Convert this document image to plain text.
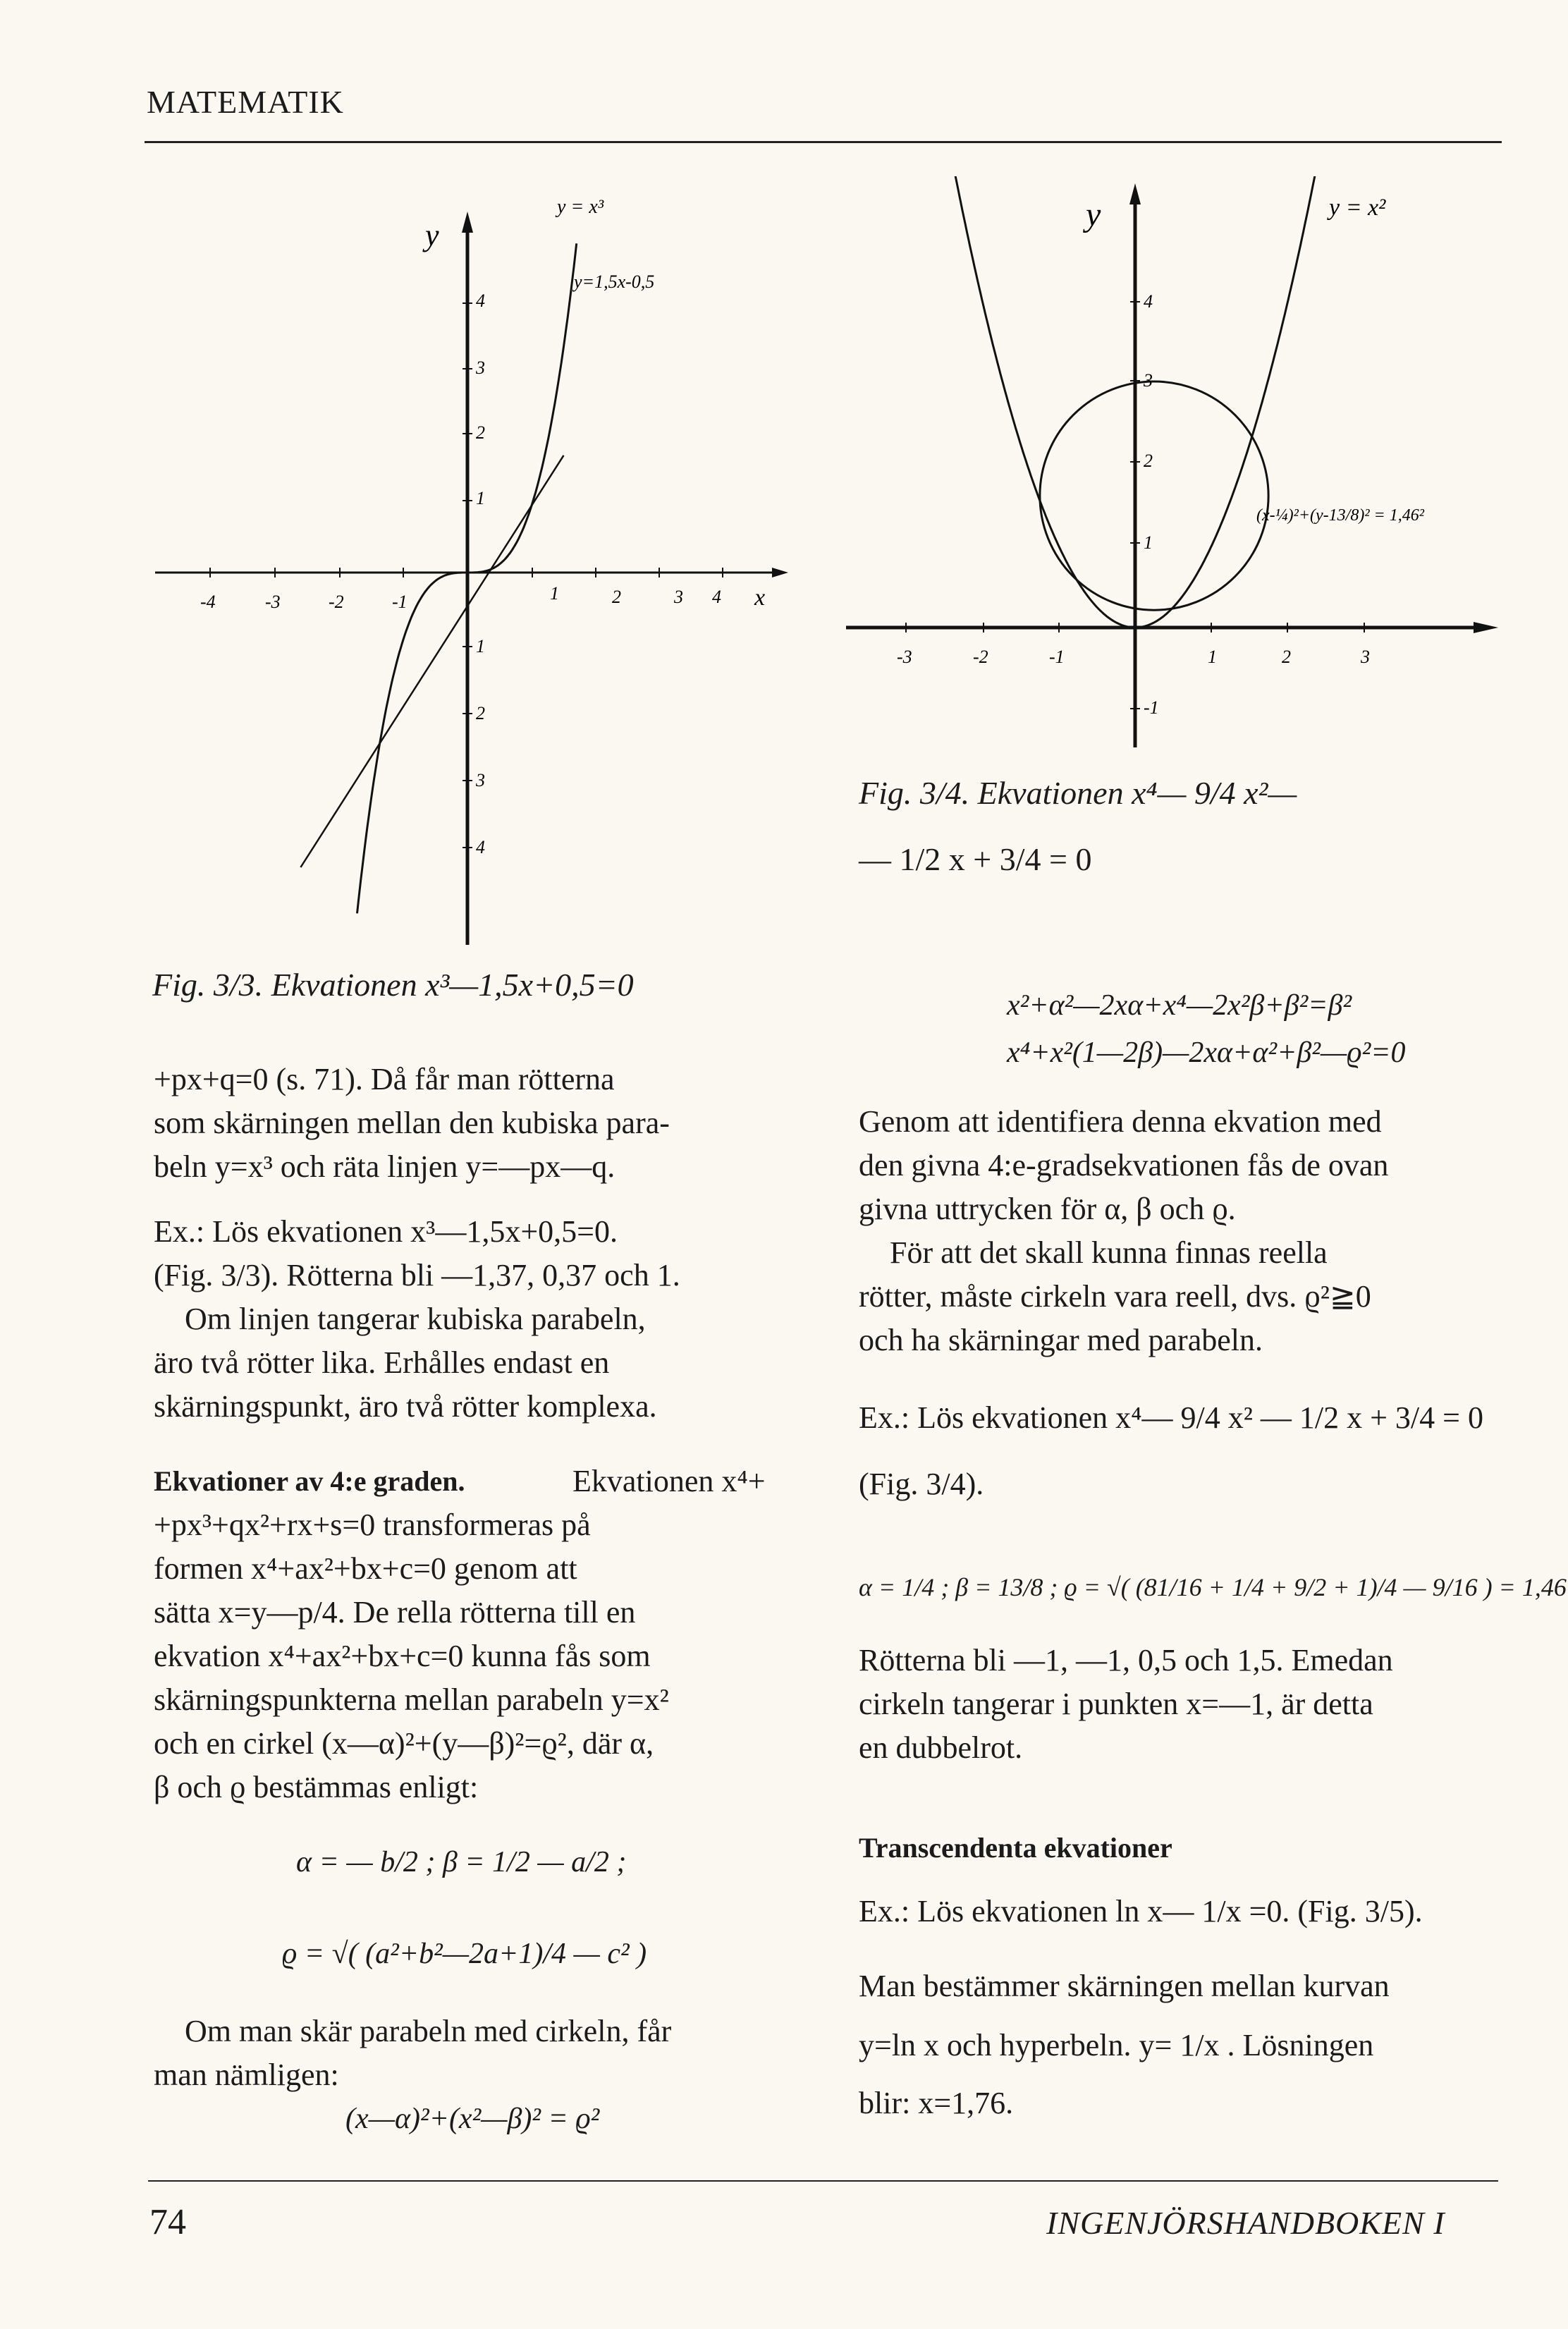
MATEMATIK
y
y = x³
y=1,5x-0,5
-4	-3	-2	-1	1	2	3 4 x
4
3
2
1
1
2
3
4
Fig. 3/3. Ekvationen x³—1,5x+0,5=0
y	y = x²
(x-¼)²+(y-13/8)² = 1,46²
-3	-2	-1	1	2	3
4
3
2
1
-1
Fig. 3/4. Ekvationen x⁴— 9/4 x²—
— 1/2 x + 3/4 = 0
+px+q=0 (s. 71). Då får man rötterna
som skärningen mellan den kubiska para-
beln y=x³ och räta linjen y=—px—q.
Ex.: Lös ekvationen x³—1,5x+0,5=0.
(Fig. 3/3). Rötterna bli —1,37, 0,37 och 1.
Om linjen tangerar kubiska parabeln,
äro två rötter lika. Erhålles endast en
skärningspunkt, äro två rötter komplexa.
Ekvationer av 4:e graden.	Ekvationen x⁴+
+px³+qx²+rx+s=0 transformeras på
formen x⁴+ax²+bx+c=0 genom att
sätta x=y—p/4. De rella rötterna till en
ekvation x⁴+ax²+bx+c=0 kunna fås som
skärningspunkterna mellan parabeln y=x²
och en cirkel (x—α)²+(y—β)²=ϱ², där α,
β och ϱ bestämmas enligt:
α = — b/2 ; β = 1/2 — a/2 ;
ϱ = √( (a²+b²—2a+1)/4 — c² )
Om man skär parabeln med cirkeln, får
man nämligen:
(x—α)²+(x²—β)² = ϱ²
x²+α²—2xα+x⁴—2x²β+β²=β²
x⁴+x²(1—2β)—2xα+α²+β²—ϱ²=0
Genom att identifiera denna ekvation med
den givna 4:e-gradsekvationen fås de ovan
givna uttrycken för α, β och ϱ.
För att det skall kunna finnas reella
rötter, måste cirkeln vara reell, dvs. ϱ²≧0
och ha skärningar med parabeln.
Ex.: Lös ekvationen x⁴— 9/4 x² — 1/2 x + 3/4 = 0
(Fig. 3/4).
α = 1/4 ; β = 13/8 ; ϱ = √( (81/16 + 1/4 + 9/2 + 1)/4 — 9/16 ) = 1,46
Rötterna bli —1, —1, 0,5 och 1,5. Emedan
cirkeln tangerar i punkten x=—1, är detta
en dubbelrot.
Transcendenta ekvationer
Ex.: Lös ekvationen ln x— 1/x =0. (Fig. 3/5).
Man bestämmer skärningen mellan kurvan
y=ln x och hyperbeln. y= 1/x . Lösningen
blir: x=1,76.
74	INGENJÖRSHANDBOKEN I
